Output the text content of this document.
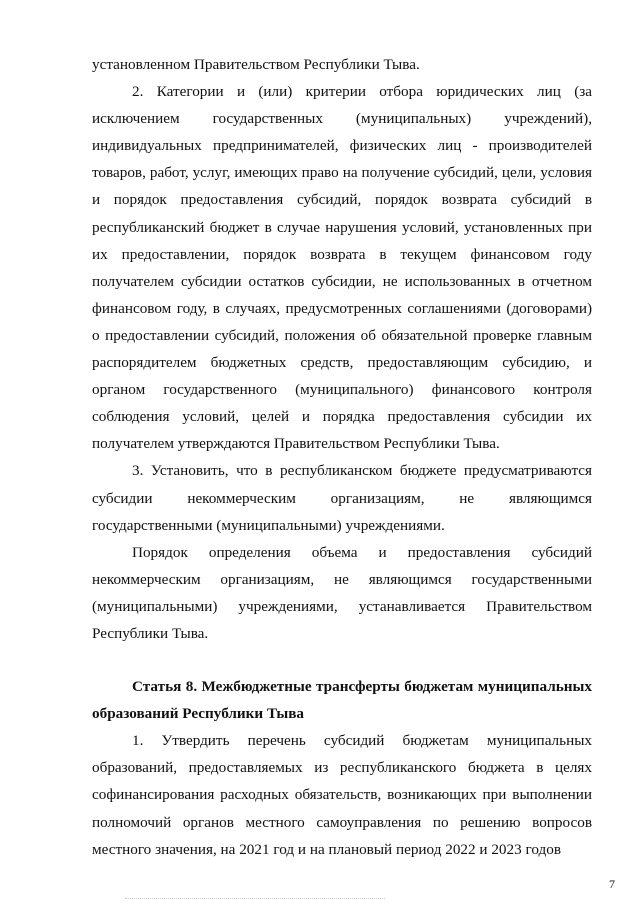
установленном Правительством Республики Тыва.

2. Категории и (или) критерии отбора юридических лиц (за исключением государственных (муниципальных) учреждений), индивидуальных предпринимателей, физических лиц - производителей товаров, работ, услуг, имеющих право на получение субсидий, цели, условия и порядок предоставления субсидий, порядок возврата субсидий в республиканский бюджет в случае нарушения условий, установленных при их предоставлении, порядок возврата в текущем финансовом году получателем субсидии остатков субсидии, не использованных в отчетном финансовом году, в случаях, предусмотренных соглашениями (договорами) о предоставлении субсидий, положения об обязательной проверке главным распорядителем бюджетных средств, предоставляющим субсидию, и органом государственного (муниципального) финансового контроля соблюдения условий, целей и порядка предоставления субсидии их получателем утверждаются Правительством Республики Тыва.

3. Установить, что в республиканском бюджете предусматриваются субсидии некоммерческим организациям, не являющимся государственными (муниципальными) учреждениями.

Порядок определения объема и предоставления субсидий некоммерческим организациям, не являющимся государственными (муниципальными) учреждениями, устанавливается Правительством Республики Тыва.

Статья 8. Межбюджетные трансферты бюджетам муниципальных образований Республики Тыва

1. Утвердить перечень субсидий бюджетам муниципальных образований, предоставляемых из республиканского бюджета в целях софинансирования расходных обязательств, возникающих при выполнении полномочий органов местного самоуправления по решению вопросов местного значения, на 2021 год и на плановый период 2022 и 2023 годов

7
